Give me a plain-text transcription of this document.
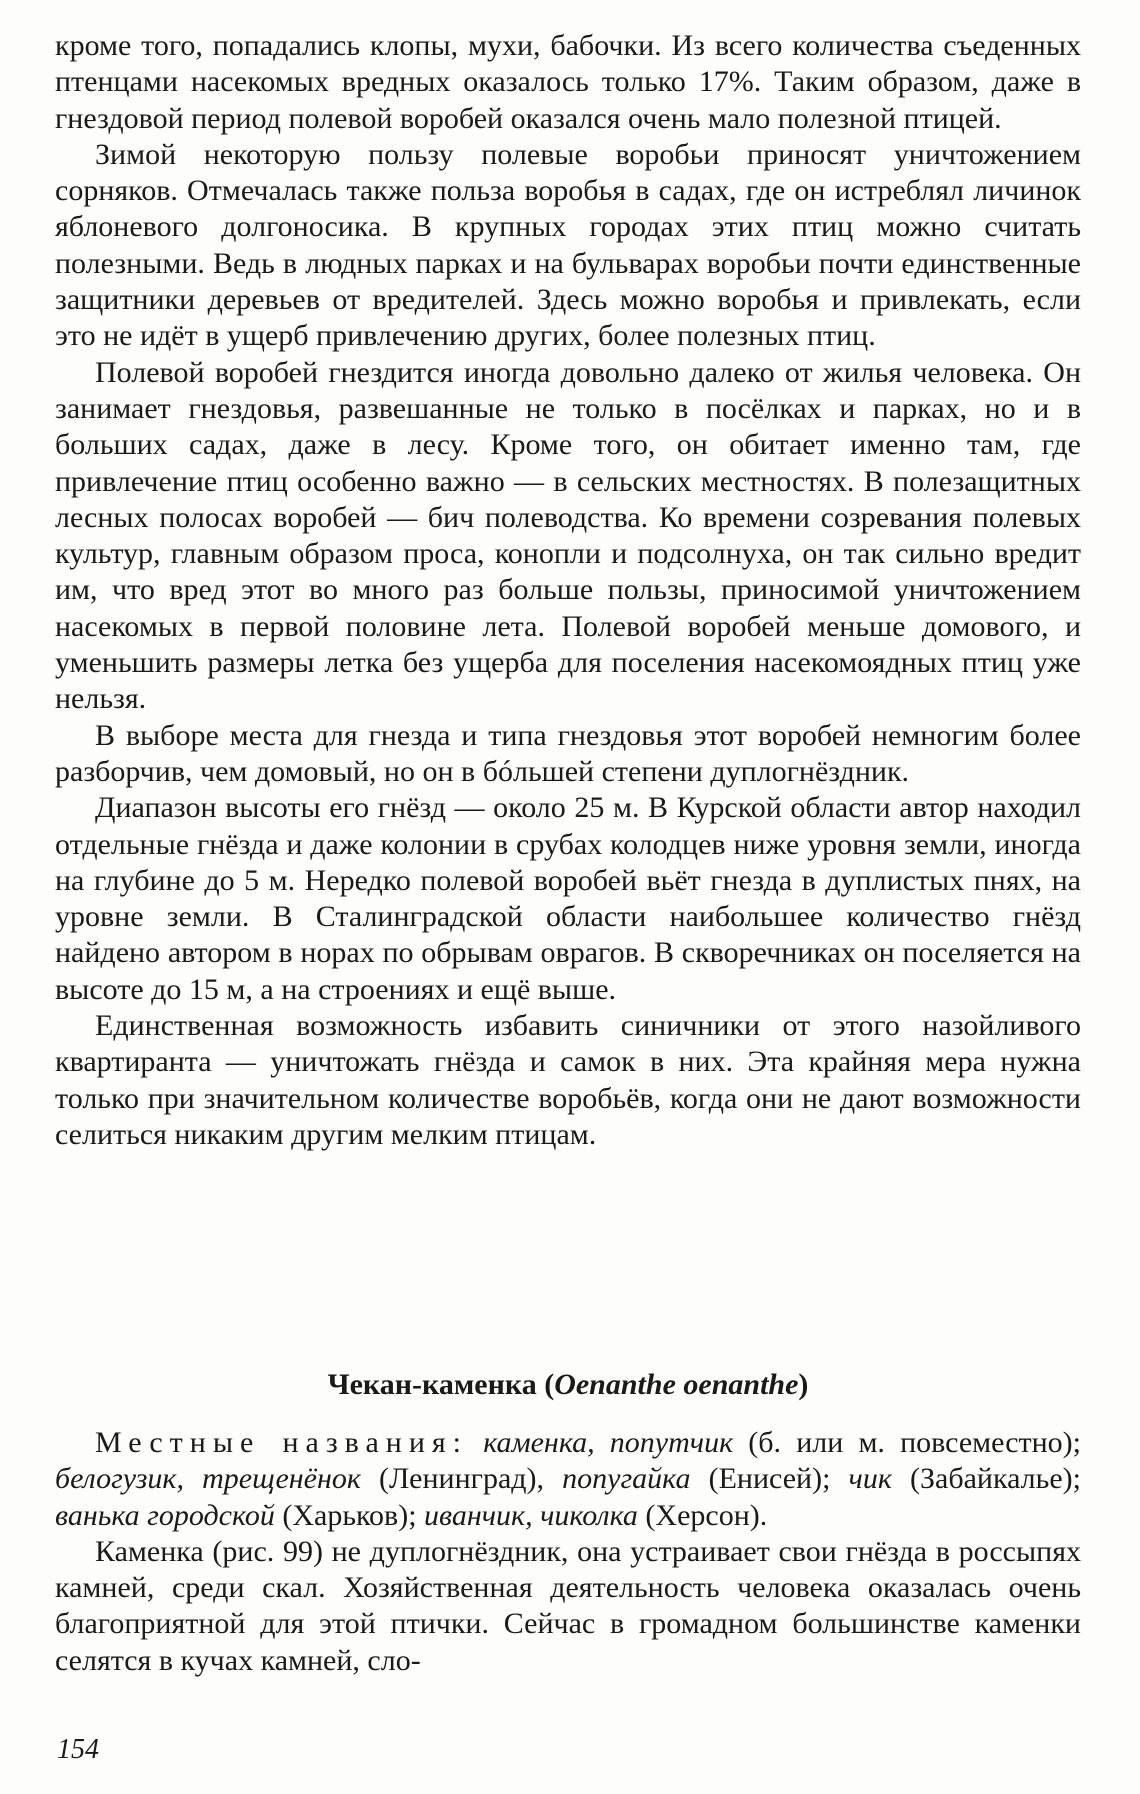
кроме того, попадались клопы, мухи, бабочки. Из всего количества съеденных птенцами насекомых вредных оказалось только 17%. Таким образом, даже в гнездовой период полевой воробей оказался очень мало полезной птицей.

Зимой некоторую пользу полевые воробьи приносят уничтожением сорняков. Отмечалась также польза воробья в садах, где он истреблял личинок яблоневого долгоносика. В крупных городах этих птиц можно считать полезными. Ведь в людных парках и на бульварах воробьи почти единственные защитники деревьев от вредителей. Здесь можно воробья и привлекать, если это не идёт в ущерб привлечению других, более полезных птиц.

Полевой воробей гнездится иногда довольно далеко от жилья человека. Он занимает гнездовья, развешанные не только в посёлках и парках, но и в больших садах, даже в лесу. Кроме того, он обитает именно там, где привлечение птиц особенно важно — в сельских местностях. В полезащитных лесных полосах воробей — бич полеводства. Ко времени созревания полевых культур, главным образом проса, конопли и подсолнуха, он так сильно вредит им, что вред этот во много раз больше пользы, приносимой уничтожением насекомых в первой половине лета. Полевой воробей меньше домового, и уменьшить размеры летка без ущерба для поселения насекомоядных птиц уже нельзя.

В выборе места для гнезда и типа гнездовья этот воробей немногим более разборчив, чем домовый, но он в бóльшей степени дуплогнёздник.

Диапазон высоты его гнёзд — около 25 м. В Курской области автор находил отдельные гнёзда и даже колонии в срубах колодцев ниже уровня земли, иногда на глубине до 5 м. Нередко полевой воробей вьёт гнезда в дуплистых пнях, на уровне земли. В Сталинградской области наибольшее количество гнёзд найдено автором в норах по обрывам оврагов. В скворечниках он поселяется на высоте до 15 м, а на строениях и ещё выше.

Единственная возможность избавить синичники от этого назойливого квартиранта — уничтожать гнёзда и самок в них. Эта крайняя мера нужна только при значительном количестве воробьёв, когда они не дают возможности селиться никаким другим мелким птицам.

Чекан-каменка (Oenanthe oenanthe)

Местные названия: каменка, попутчик (б. или м. повсеместно); белогузик, трещенёнок (Ленинград), попугайка (Енисей); чик (Забайкалье); ванька городской (Харьков); иванчик, чиколка (Херсон).

Каменка (рис. 99) не дуплогнёздник, она устраивает свои гнёзда в россыпях камней, среди скал. Хозяйственная деятельность человека оказалась очень благоприятной для этой птички. Сейчас в громадном большинстве каменки селятся в кучах камней, сло-

154
